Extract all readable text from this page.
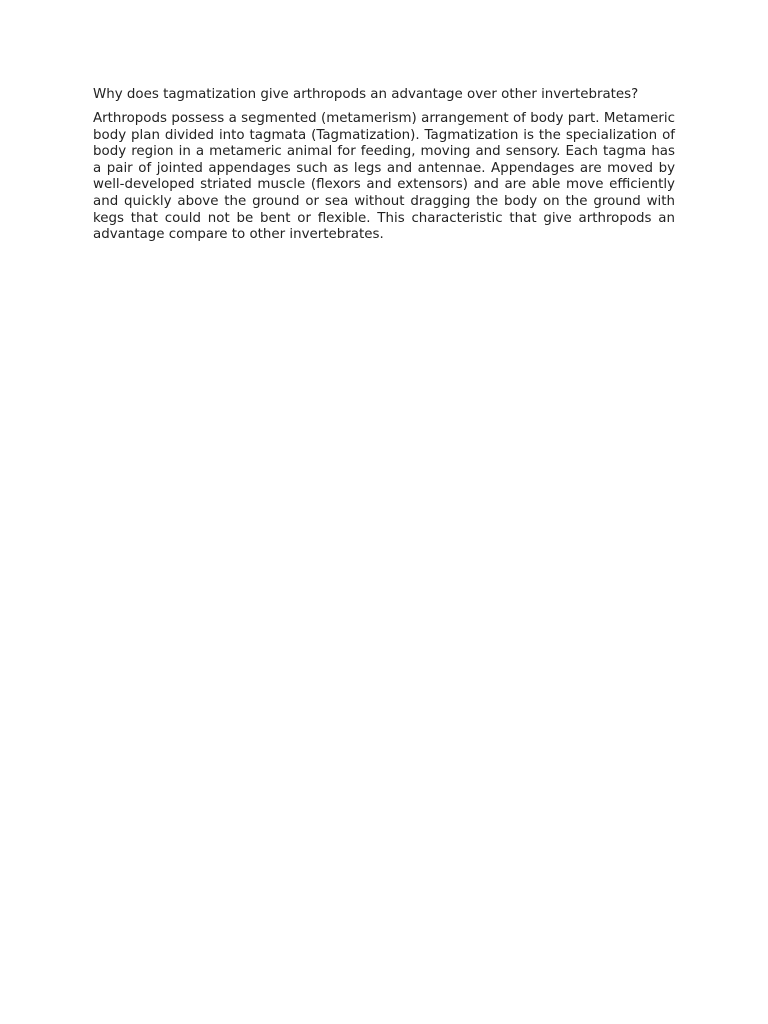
Why does tagmatization give arthropods an advantage over other invertebrates?

Arthropods possess a segmented (metamerism) arrangement of body part. Metameric body plan divided into tagmata (Tagmatization). Tagmatization is the specialization of body region in a metameric animal for feeding, moving and sensory. Each tagma has a pair of jointed appendages such as legs and antennae. Appendages are moved by well-developed striated muscle (flexors and extensors) and are able move efficiently and quickly above the ground or sea without dragging the body on the ground with kegs that could not be bent or flexible. This characteristic that give arthropods an advantage compare to other invertebrates.
